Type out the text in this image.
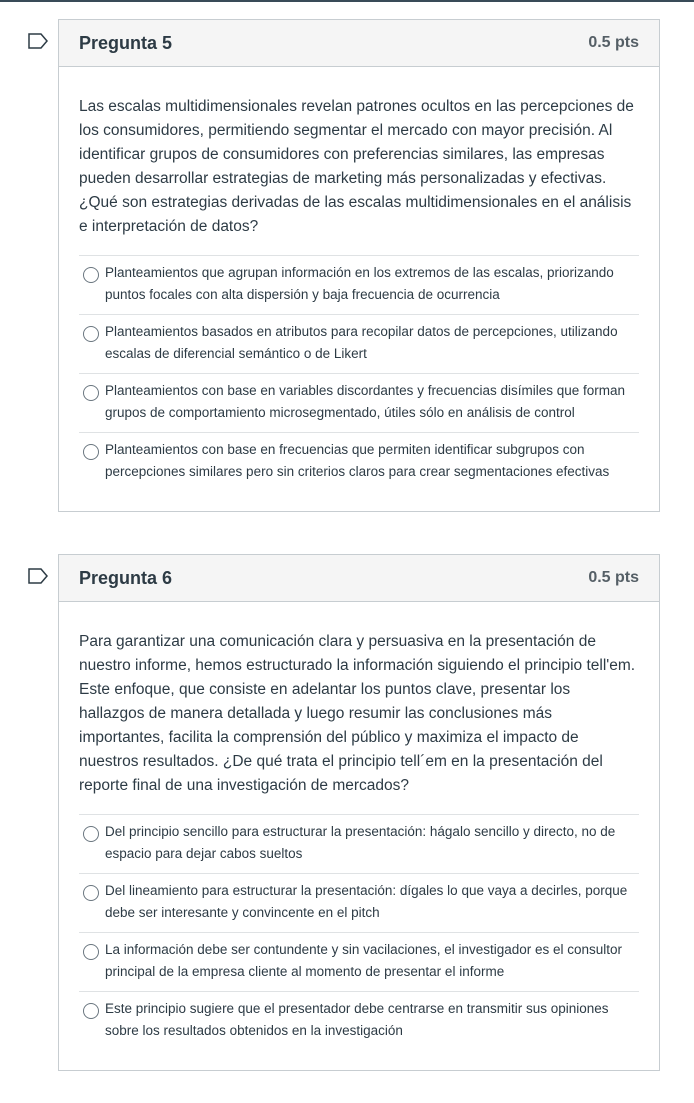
Pregunta 5	0.5 pts

Las escalas multidimensionales revelan patrones ocultos en las percepciones de los consumidores, permitiendo segmentar el mercado con mayor precisión. Al identificar grupos de consumidores con preferencias similares, las empresas pueden desarrollar estrategias de marketing más personalizadas y efectivas. ¿Qué son estrategias derivadas de las escalas multidimensionales en el análisis e interpretación de datos?

Planteamientos que agrupan información en los extremos de las escalas, priorizando puntos focales con alta dispersión y baja frecuencia de ocurrencia
Planteamientos basados en atributos para recopilar datos de percepciones, utilizando escalas de diferencial semántico o de Likert
Planteamientos con base en variables discordantes y frecuencias disímiles que forman grupos de comportamiento microsegmentado, útiles sólo en análisis de control
Planteamientos con base en frecuencias que permiten identificar subgrupos con percepciones similares pero sin criterios claros para crear segmentaciones efectivas
Pregunta 6	0.5 pts

Para garantizar una comunicación clara y persuasiva en la presentación de nuestro informe, hemos estructurado la información siguiendo el principio tell'em. Este enfoque, que consiste en adelantar los puntos clave, presentar los hallazgos de manera detallada y luego resumir las conclusiones más importantes, facilita la comprensión del público y maximiza el impacto de nuestros resultados. ¿De qué trata el principio tell´em en la presentación del reporte final de una investigación de mercados?

Del principio sencillo para estructurar la presentación: hágalo sencillo y directo, no de espacio para dejar cabos sueltos
Del lineamiento para estructurar la presentación: dígales lo que vaya a decirles, porque debe ser interesante y convincente en el pitch
La información debe ser contundente y sin vacilaciones, el investigador es el consultor principal de la empresa cliente al momento de presentar el informe
Este principio sugiere que el presentador debe centrarse en transmitir sus opiniones sobre los resultados obtenidos en la investigación
